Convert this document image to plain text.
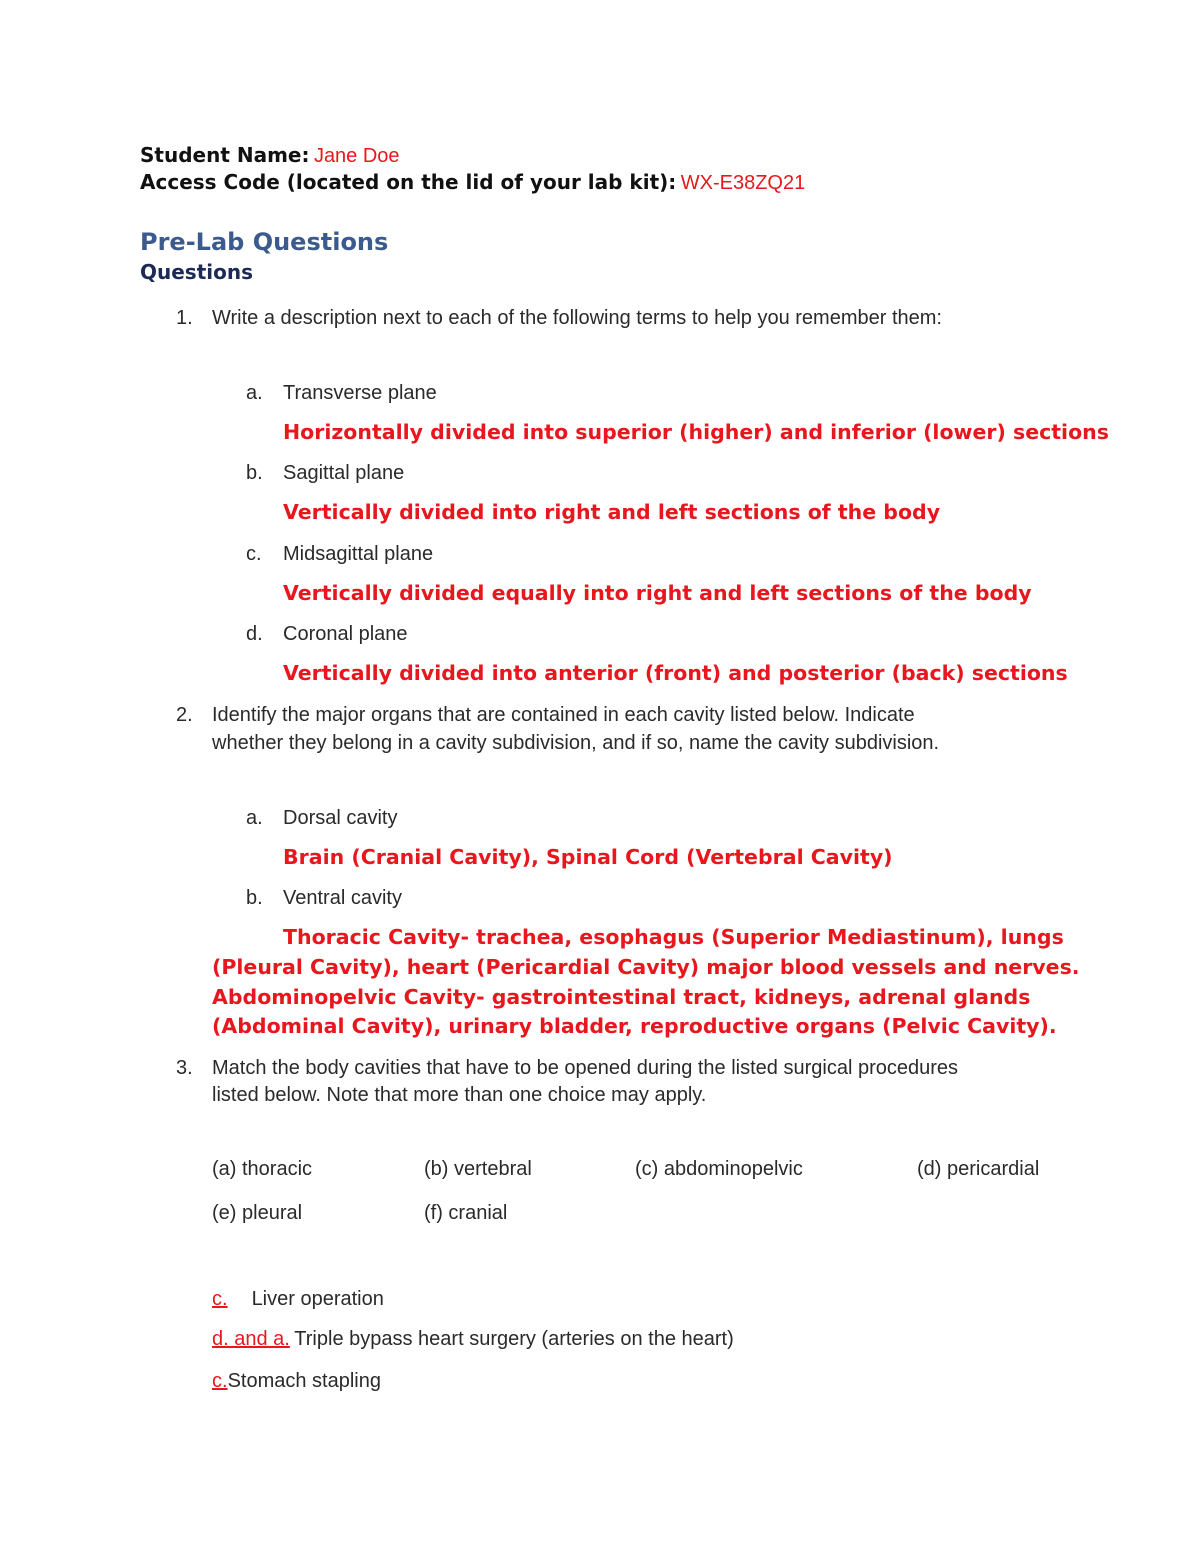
Student Name: Jane Doe
Access Code (located on the lid of your lab kit): WX-E38ZQ21
Pre-Lab Questions
Questions
1. Write a description next to each of the following terms to help you remember them:
a. Transverse plane
Horizontally divided into superior (higher) and inferior (lower) sections
b. Sagittal plane
Vertically divided into right and left sections of the body
c. Midsagittal plane
Vertically divided equally into right and left sections of the body
d. Coronal plane
Vertically divided into anterior (front) and posterior (back) sections
2. Identify the major organs that are contained in each cavity listed below. Indicate
whether they belong in a cavity subdivision, and if so, name the cavity subdivision.
a. Dorsal cavity
Brain (Cranial Cavity), Spinal Cord (Vertebral Cavity)
b. Ventral cavity
Thoracic Cavity- trachea, esophagus (Superior Mediastinum), lungs
(Pleural Cavity), heart (Pericardial Cavity) major blood vessels and nerves.
Abdominopelvic Cavity- gastrointestinal tract, kidneys, adrenal glands
(Abdominal Cavity), urinary bladder, reproductive organs (Pelvic Cavity).
3. Match the body cavities that have to be opened during the listed surgical procedures
listed below. Note that more than one choice may apply.
(a) thoracic	(b) vertebral	(c) abdominopelvic	(d) pericardial
(e) pleural	(f) cranial
c. Liver operation
d. and a. Triple bypass heart surgery (arteries on the heart)
c.Stomach stapling
